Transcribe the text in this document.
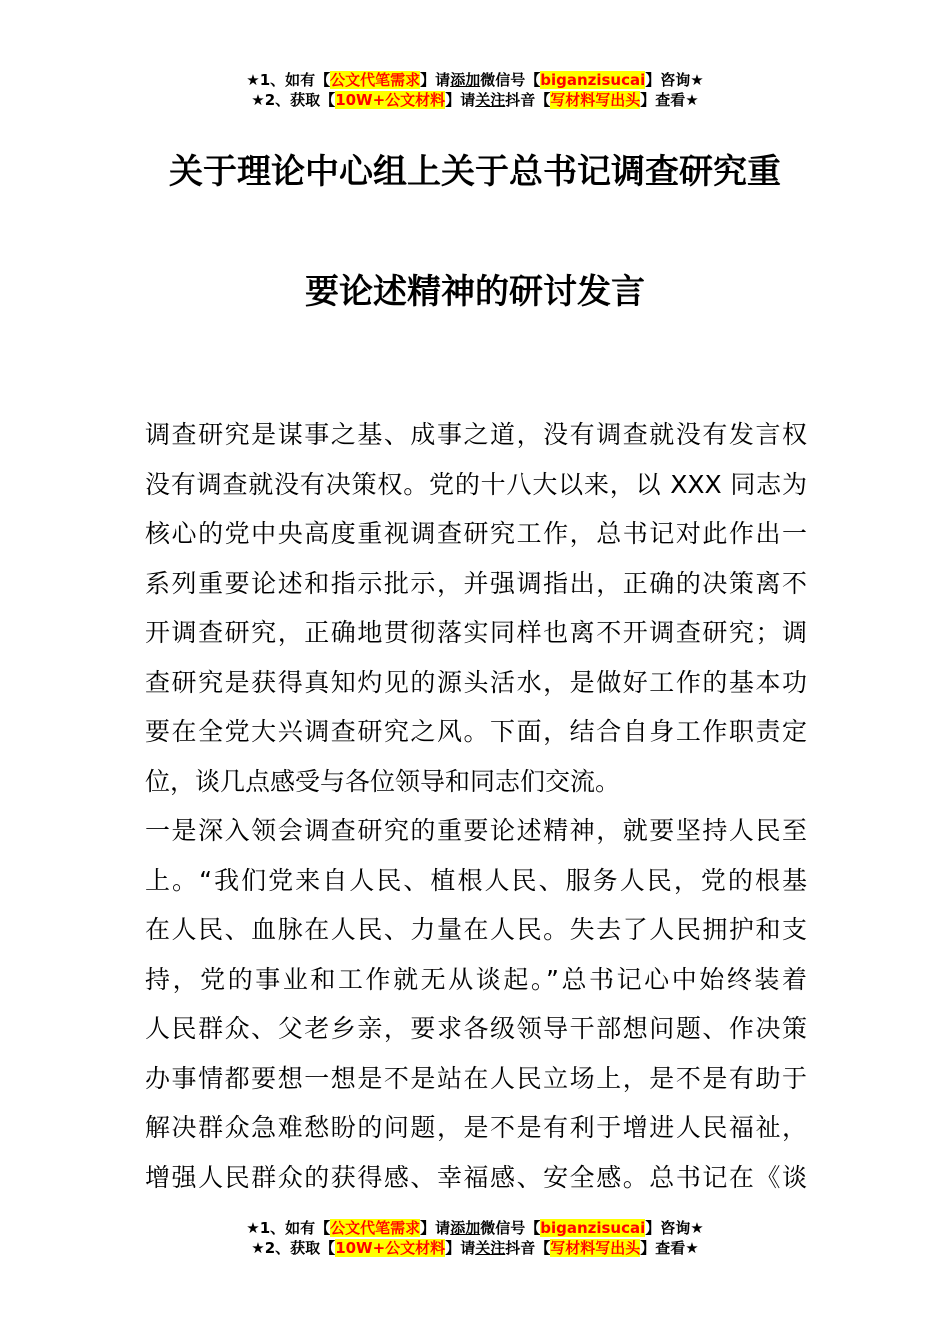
★1、如有【公文代笔需求】请添加微信号【biganzisucai】咨询★
★2、获取【10W+公文材料】请关注抖音【写材料写出头】查看★
关于理论中心组上关于总书记调查研究重
要论述精神的研讨发言
调查研究是谋事之基、成事之道，没有调查就没有发言权
没有调查就没有决策权。党的十八大以来，以 XXX 同志为
核心的党中央高度重视调查研究工作，总书记对此作出一
系列重要论述和指示批示，并强调指出，正确的决策离不
开调查研究，正确地贯彻落实同样也离不开调查研究；调
查研究是获得真知灼见的源头活水，是做好工作的基本功
要在全党大兴调查研究之风。下面，结合自身工作职责定
位，谈几点感受与各位领导和同志们交流。
一是深入领会调查研究的重要论述精神，就要坚持人民至
上。“我们党来自人民、植根人民、服务人民，党的根基
在人民、血脉在人民、力量在人民。失去了人民拥护和支
持，党的事业和工作就无从谈起。”总书记心中始终装着
人民群众、父老乡亲，要求各级领导干部想问题、作决策
办事情都要想一想是不是站在人民立场上，是不是有助于
解决群众急难愁盼的问题，是不是有利于增进人民福祉，
增强人民群众的获得感、幸福感、安全感。总书记在《谈
★1、如有【公文代笔需求】请添加微信号【biganzisucai】咨询★
★2、获取【10W+公文材料】请关注抖音【写材料写出头】查看★
